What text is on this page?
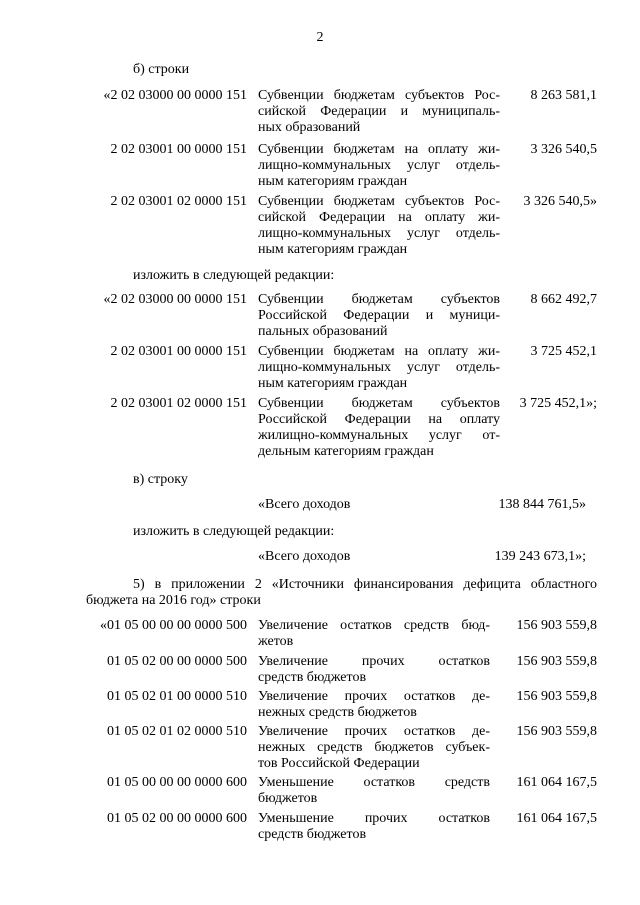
2
б) строки
«2 02 03000 00 0000 151 Субвенции бюджетам субъектов Рос-
сийской Федерации и муниципаль-
ных образований
8 263 581,1
2 02 03001 00 0000 151 Субвенции бюджетам на оплату жи-
лищно-коммунальных услуг отдель-
ным категориям граждан
3 326 540,5
2 02 03001 02 0000 151 Субвенции бюджетам субъектов Рос-
сийской Федерации на оплату жи-
лищно-коммунальных услуг отдель-
ным категориям граждан
3 326 540,5»
изложить в следующей редакции:
«2 02 03000 00 0000 151 Субвенции бюджетам субъектов
Российской Федерации и муници-
пальных образований
8 662 492,7
2 02 03001 00 0000 151 Субвенции бюджетам на оплату жи-
лищно-коммунальных услуг отдель-
ным категориям граждан
3 725 452,1
2 02 03001 02 0000 151 Субвенции бюджетам субъектов
Российской Федерации на оплату
жилищно-коммунальных услуг от-
дельным категориям граждан
3 725 452,1»;
в) строку
«Всего доходов	138 844 761,5»
изложить в следующей редакции:
«Всего доходов	139 243 673,1»;
5) в приложении 2 «Источники финансирования дефицита областного
бюджета на 2016 год» строки
«01 05 00 00 00 0000 500 Увеличение остатков средств бюд-
жетов
156 903 559,8
01 05 02 00 00 0000 500 Увеличение прочих остатков
средств бюджетов
156 903 559,8
01 05 02 01 00 0000 510 Увеличение прочих остатков де-
нежных средств бюджетов
156 903 559,8
01 05 02 01 02 0000 510 Увеличение прочих остатков де-
нежных средств бюджетов субъек-
тов Российской Федерации
156 903 559,8
01 05 00 00 00 0000 600 Уменьшение остатков средств
бюджетов
161 064 167,5
01 05 02 00 00 0000 600 Уменьшение прочих остатков
средств бюджетов
161 064 167,5
